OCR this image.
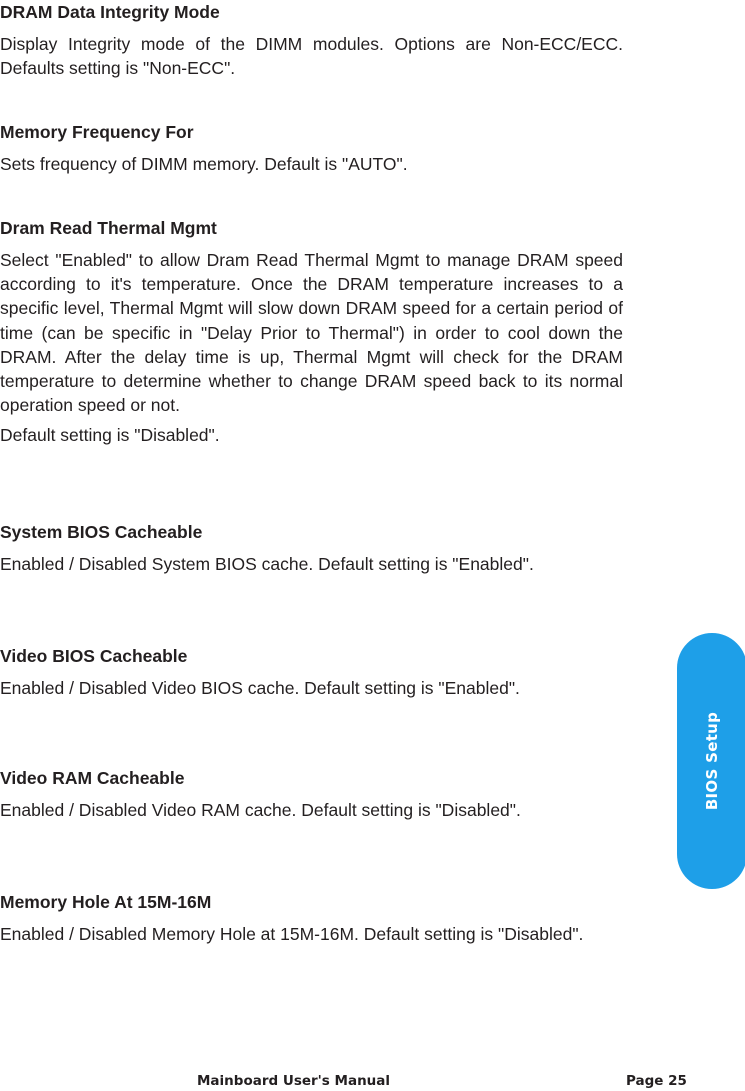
DRAM Data Integrity Mode

Display Integrity mode of the DIMM modules. Options are Non-ECC/ECC. Defaults setting is "Non-ECC".

Memory Frequency For

Sets frequency of DIMM memory. Default is "AUTO".

Dram Read Thermal Mgmt

Select "Enabled" to allow Dram Read Thermal Mgmt to manage DRAM speed according to it's temperature. Once the DRAM temperature increases to a specific level, Thermal Mgmt will slow down DRAM speed for a certain period of time (can be specific in "Delay Prior to Thermal") in order to cool down the DRAM. After the delay time is up, Thermal Mgmt will check for the DRAM temperature to determine whether to change DRAM speed back to its normal operation speed or not.

Default setting is "Disabled".

System BIOS Cacheable

Enabled / Disabled System BIOS cache. Default setting is "Enabled".

Video BIOS Cacheable

Enabled / Disabled Video BIOS cache. Default setting is "Enabled".

Video RAM Cacheable

Enabled / Disabled Video RAM cache. Default setting is "Disabled".

Memory Hole At 15M-16M

Enabled / Disabled Memory Hole at 15M-16M. Default setting is "Disabled".

BIOS Setup
Mainboard User's Manual	Page 25
